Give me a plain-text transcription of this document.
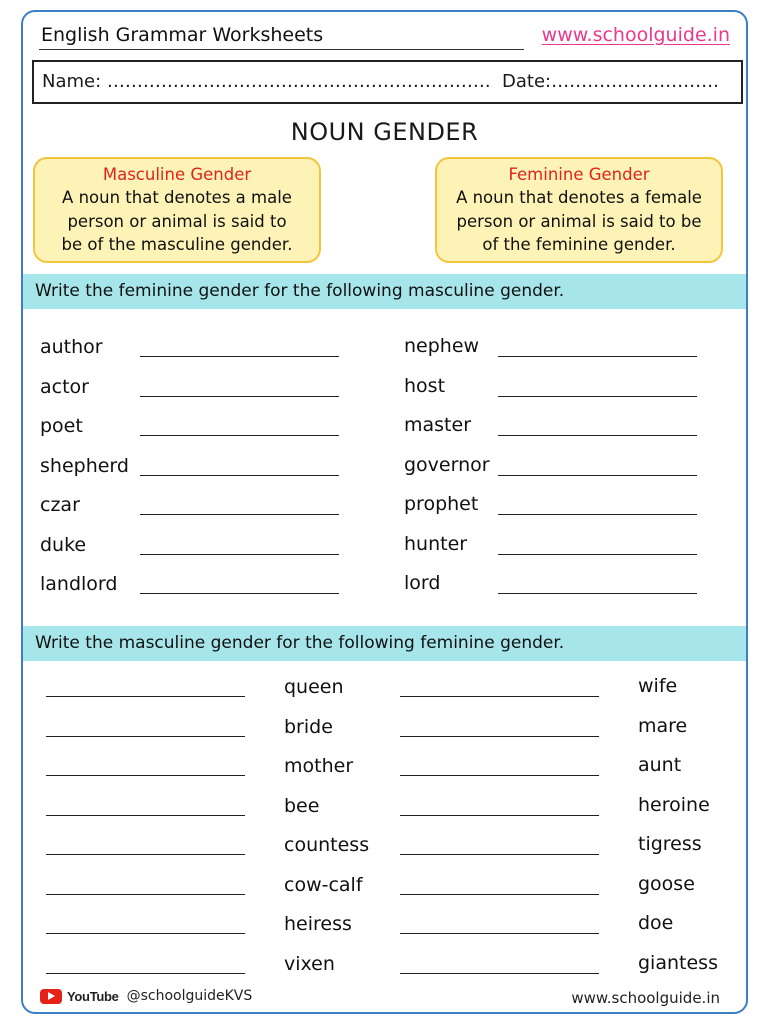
English Grammar Worksheets	www.schoolguide.in
Name: ………………………………………………………. Date:……………………….
NOUN GENDER
Masculine Gender
A noun that denotes a male
person or animal is said to
be of the masculine gender.
Feminine Gender
A noun that denotes a female
person or animal is said to be
of the feminine gender.
Write the feminine gender for the following masculine gender.
author
actor
poet
shepherd
czar
duke
landlord
nephew
host
master
governor
prophet
hunter
lord
Write the masculine gender for the following feminine gender.
queen
bride
mother
bee
countess
cow-calf
heiress
vixen
wife
mare
aunt
heroine
tigress
goose
doe
giantess
YouTube @schoolguideKVS	www.schoolguide.in
